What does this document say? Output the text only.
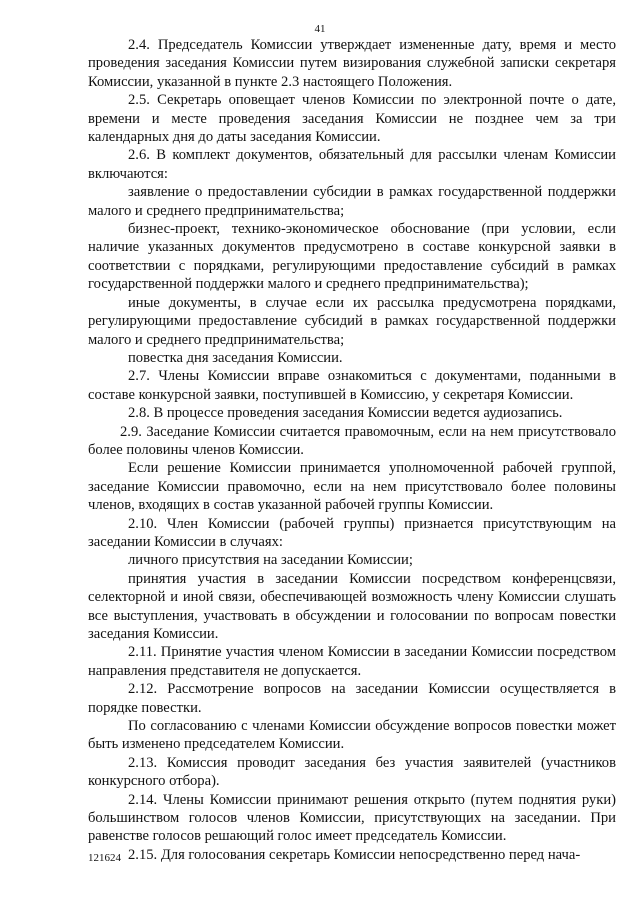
41

2.4. Председатель Комиссии утверждает измененные дату, время и место проведения заседания Комиссии путем визирования служебной записки секретаря Комиссии, указанной в пункте 2.3 настоящего Положения.

2.5. Секретарь оповещает членов Комиссии по электронной почте о дате, времени и месте проведения заседания Комиссии не позднее чем за три календарных дня до даты заседания Комиссии.

2.6. В комплект документов, обязательный для рассылки членам Комиссии включаются:

заявление о предоставлении субсидии в рамках государственной поддержки малого и среднего предпринимательства;

бизнес-проект, технико-экономическое обоснование (при условии, если наличие указанных документов предусмотрено в составе конкурсной заявки в соответствии с порядками, регулирующими предоставление субсидий в рамках государственной поддержки малого и среднего предпринимательства);

иные документы, в случае если их рассылка предусмотрена порядками, регулирующими предоставление субсидий в рамках государственной поддержки малого и среднего предпринимательства;

повестка дня заседания Комиссии.

2.7. Члены Комиссии вправе ознакомиться с документами, поданными в составе конкурсной заявки, поступившей в Комиссию, у секретаря Комиссии.

2.8. В процессе проведения заседания Комиссии ведется аудиозапись.

2.9. Заседание Комиссии считается правомочным, если на нем присутствовало более половины членов Комиссии.

Если решение Комиссии принимается уполномоченной рабочей группой, заседание Комиссии правомочно, если на нем присутствовало более половины членов, входящих в состав указанной рабочей группы Комиссии.

2.10. Член Комиссии (рабочей группы) признается присутствующим на заседании Комиссии в случаях:

личного присутствия на заседании Комиссии;

принятия участия в заседании Комиссии посредством конференцсвязи, селекторной и иной связи, обеспечивающей возможность члену Комиссии слушать все выступления, участвовать в обсуждении и голосовании по вопросам повестки заседания Комиссии.

2.11. Принятие участия членом Комиссии в заседании Комиссии посредством направления представителя не допускается.

2.12. Рассмотрение вопросов на заседании Комиссии осуществляется в порядке повестки.

По согласованию с членами Комиссии обсуждение вопросов повестки может быть изменено председателем Комиссии.

2.13. Комиссия проводит заседания без участия заявителей (участников конкурсного отбора).

2.14. Члены Комиссии принимают решения открыто (путем поднятия руки) большинством голосов членов Комиссии, присутствующих на заседании. При равенстве голосов решающий голос имеет председатель Комиссии.

2.15. Для голосования секретарь Комиссии непосредственно перед нача-

121624
